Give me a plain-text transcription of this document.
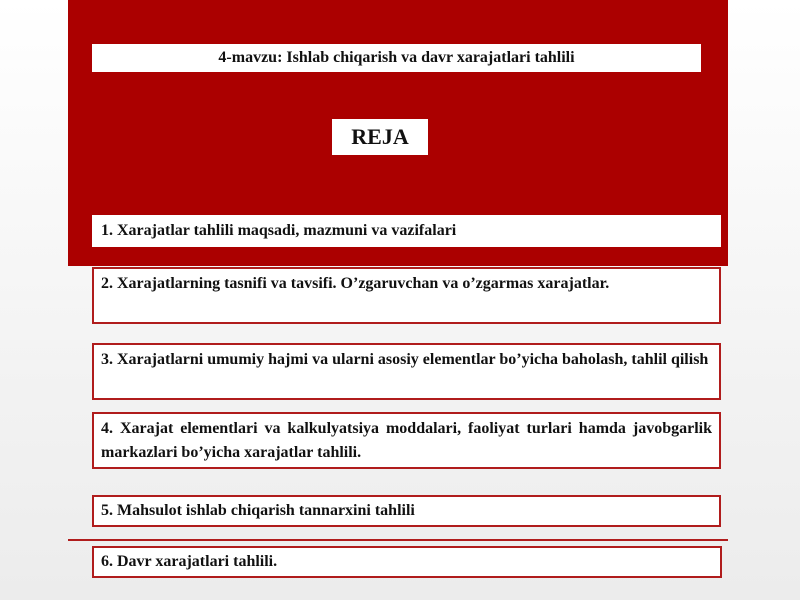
4-mavzu: Ishlab chiqarish va davr xarajatlari tahlili
REJA
1. Xarajatlar tahlili maqsadi, mazmuni va vazifalari
2. Xarajatlarning tasnifi va tavsifi. O’zgaruvchan va o’zgarmas xarajatlar.
3. Xarajatlarni umumiy hajmi va ularni asosiy elementlar bo’yicha baholash, tahlil qilish
4. Xarajat elementlari va kalkulyatsiya moddalari, faoliyat turlari hamda javobgarlik markazlari bo’yicha xarajatlar tahlili.
5. Mahsulot ishlab chiqarish tannarxini tahlili
6. Davr xarajatlari tahlili.
